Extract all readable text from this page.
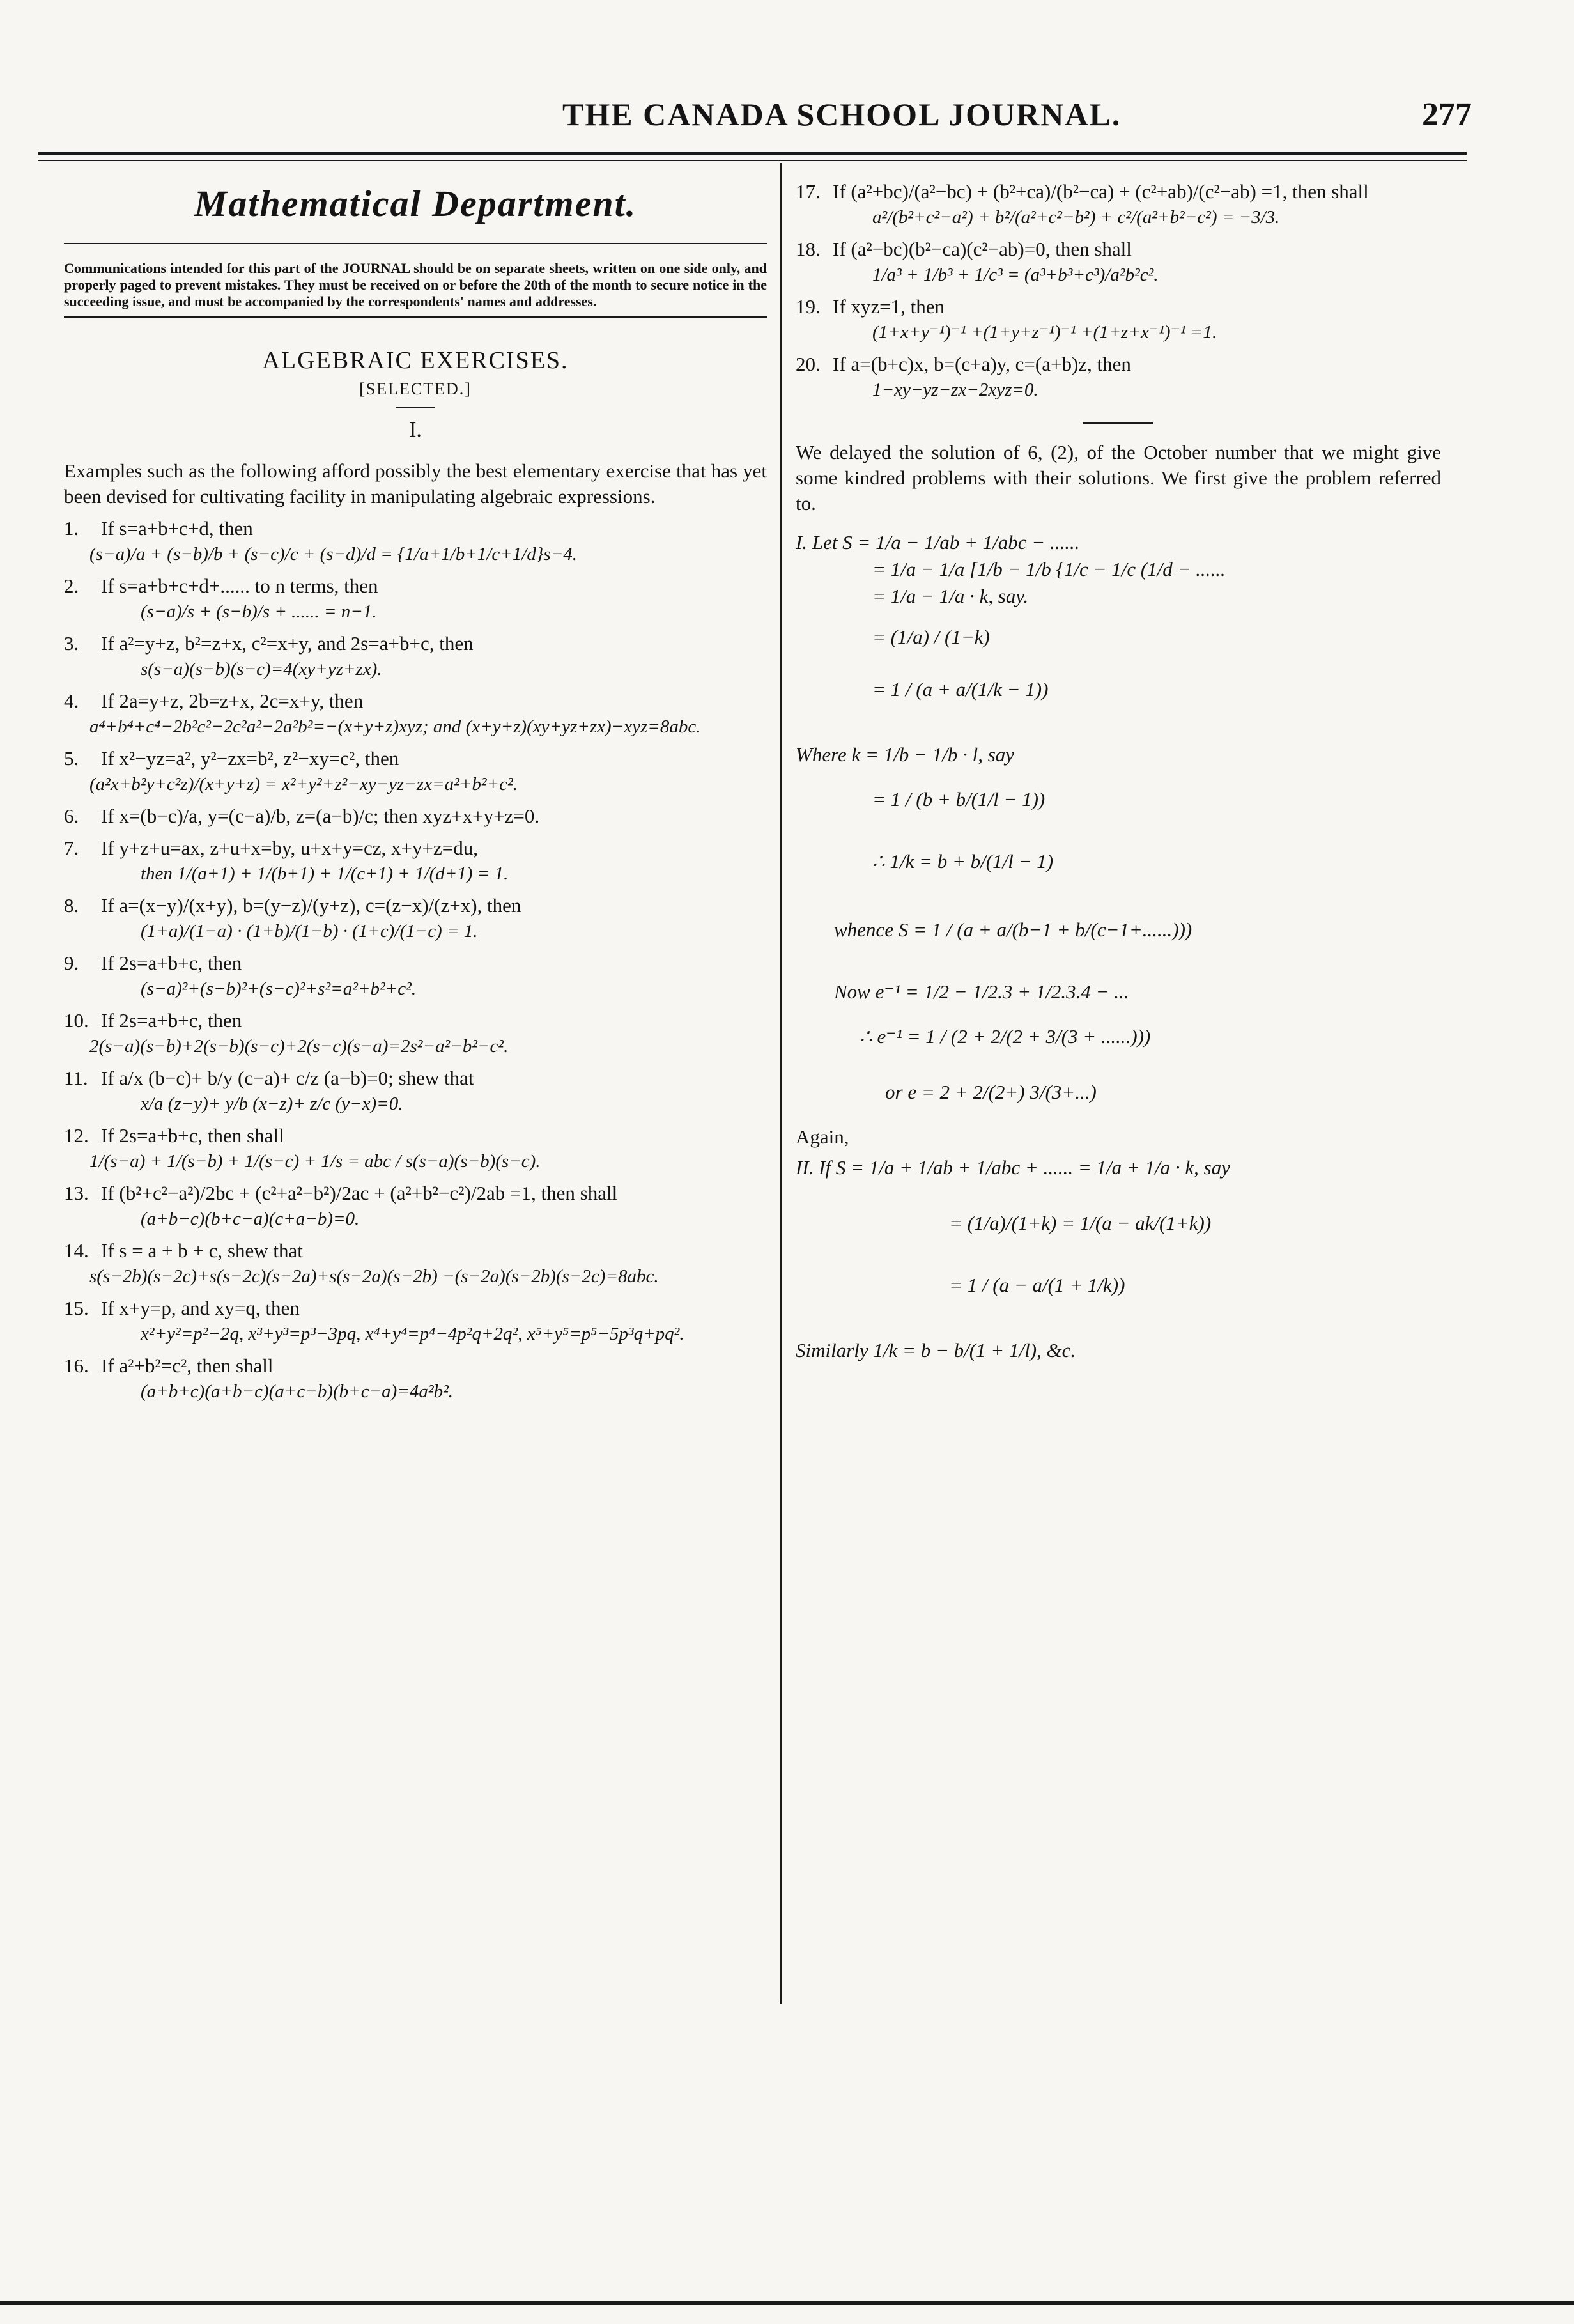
THE CANADA SCHOOL JOURNAL.	277
Mathematical Department.
Communications intended for this part of the JOURNAL should be on separate sheets, written on one side only, and properly paged to prevent mistakes. They must be received on or before the 20th of the month to secure notice in the succeeding issue, and must be accompanied by the correspondents' names and addresses.
ALGEBRAIC EXERCISES.
[SELECTED.]
I.
Examples such as the following afford possibly the best elementary exercise that has yet been devised for cultivating facility in manipulating algebraic expressions.
1. If s=a+b+c+d, then
(s−a)/a + (s−b)/b + (s−c)/c + (s−d)/d = {1/a+1/b+1/c+1/d}s−4.
2. If s=a+b+c+d+...... to n terms, then
(s−a)/s + (s−b)/s + ...... = n−1.
3. If a²=y+z, b²=z+x, c²=x+y, and 2s=a+b+c, then
s(s−a)(s−b)(s−c)=4(xy+yz+zx).
4. If 2a=y+z, 2b=z+x, 2c=x+y, then
a⁴+b⁴+c⁴−2b²c²−2c²a²−2a²b²=−(x+y+z)xyz; and (x+y+z)(xy+yz+zx)−xyz=8abc.
5. If x²−yz=a², y²−zx=b², z²−xy=c², then
(a²x+b²y+c²z)/(x+y+z) = x²+y²+z²−xy−yz−zx=a²+b²+c².
6. If x=(b−c)/a, y=(c−a)/b, z=(a−b)/c; then xyz+x+y+z=0.
7. If y+z+u=ax, z+u+x=by, u+x+y=cz, x+y+z=du,
then 1/(a+1) + 1/(b+1) + 1/(c+1) + 1/(d+1) = 1.
8. If a=(x−y)/(x+y), b=(y−z)/(y+z), c=(z−x)/(z+x), then
(1+a)/(1−a) · (1+b)/(1−b) · (1+c)/(1−c) = 1.
9. If 2s=a+b+c, then
(s−a)²+(s−b)²+(s−c)²+s²=a²+b²+c².
10. If 2s=a+b+c, then
2(s−a)(s−b)+2(s−b)(s−c)+2(s−c)(s−a)=2s²−a²−b²−c².
11. If a/x (b−c)+ b/y (c−a)+ c/z (a−b)=0; shew that
x/a (z−y)+ y/b (x−z)+ z/c (y−x)=0.
12. If 2s=a+b+c, then shall
1/(s−a) + 1/(s−b) + 1/(s−c) + 1/s = abc / s(s−a)(s−b)(s−c).
13. If (b²+c²−a²)/2bc + (c²+a²−b²)/2ac + (a²+b²−c²)/2ab =1, then shall
(a+b−c)(b+c−a)(c+a−b)=0.
14. If s = a + b + c, shew that
s(s−2b)(s−2c)+s(s−2c)(s−2a)+s(s−2a)(s−2b) −(s−2a)(s−2b)(s−2c)=8abc.
15. If x+y=p, and xy=q, then
x²+y²=p²−2q, x³+y³=p³−3pq, x⁴+y⁴=p⁴−4p²q+2q², x⁵+y⁵=p⁵−5p³q+pq².
16. If a²+b²=c², then shall
(a+b+c)(a+b−c)(a+c−b)(b+c−a)=4a²b².
17. If (a²+bc)/(a²−bc) + (b²+ca)/(b²−ca) + (c²+ab)/(c²−ab) =1, then shall
a²/(b²+c²−a²) + b²/(a²+c²−b²) + c²/(a²+b²−c²) = −3/3.
18. If (a²−bc)(b²−ca)(c²−ab)=0, then shall
1/a³ + 1/b³ + 1/c³ = (a³+b³+c³)/a²b²c².
19. If xyz=1, then
(1+x+y⁻¹)⁻¹ +(1+y+z⁻¹)⁻¹ +(1+z+x⁻¹)⁻¹ =1.
20. If a=(b+c)x, b=(c+a)y, c=(a+b)z, then
1−xy−yz−zx−2xyz=0.
We delayed the solution of 6, (2), of the October number that we might give some kindred problems with their solutions. We first give the problem referred to.
I. Let S = 1/a − 1/ab + 1/abc − ......
= 1/a − 1/a [1/b − 1/b {1/c − 1/c (1/d − ......
= 1/a − 1/a · k, say.
= (1/a) / (1−k)
= 1 / (a + a/(1/k − 1))
Where k = 1/b − 1/b · l, say
= 1 / (b + b/(1/l − 1))
∴ 1/k = b + b/(1/l − 1)
whence S = 1 / (a + a/(b−1 + b/(c−1+......)))
Now e⁻¹ = 1/2 − 1/2.3 + 1/2.3.4 − ...
∴ e⁻¹ = 1 / (2 + 2/(2 + 3/(3 + ......)))
or e = 2 + 2/(2+) 3/(3+...)
Again,
II. If S = 1/a + 1/ab + 1/abc + ...... = 1/a + 1/a · k, say
= (1/a)/(1+k) = 1/(a − ak/(1+k))
= 1 / (a − a/(1 + 1/k))
Similarly 1/k = b − b/(1 + 1/l), &c.
